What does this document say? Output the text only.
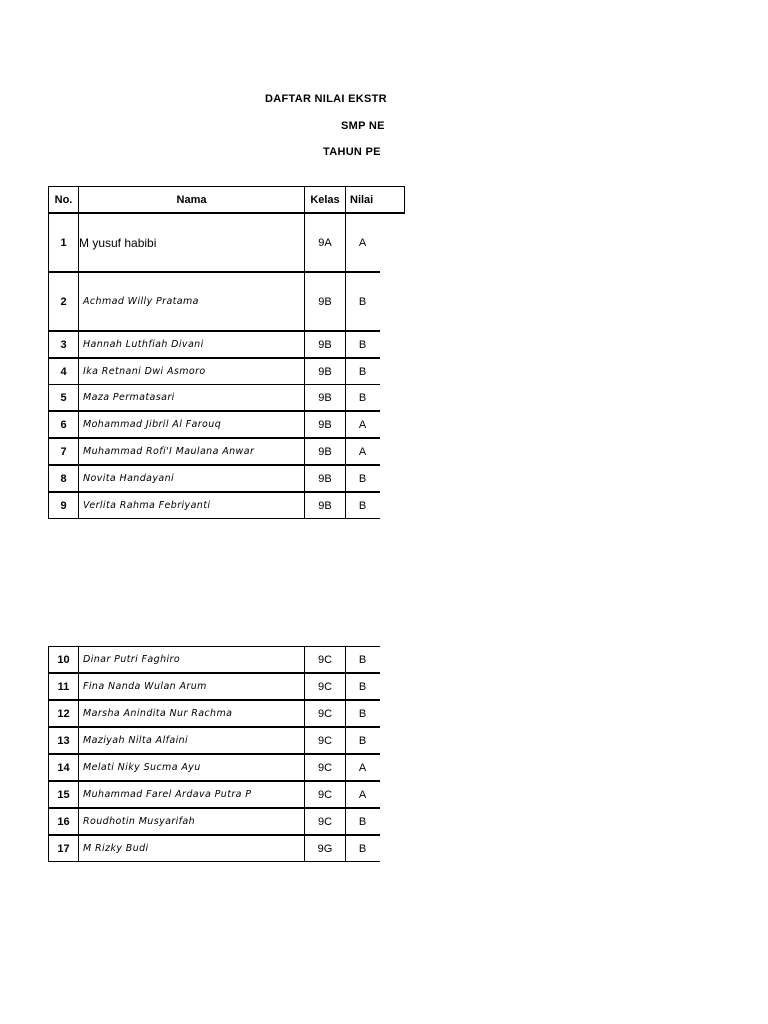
DAFTAR NILAI EKSTR
SMP NE
TAHUN PE
No.	Nama	Kelas Nilai
1	M yusuf habibi	9A	A
2	Achmad Willy Pratama	9B	B
3	Hannah Luthfiah Divani	9B	B
4	Ika Retnani Dwi Asmoro	9B	B
5	Maza Permatasari	9B	B
6	Mohammad Jibril Al Farouq	9B	A
7	Muhammad Rofi'I Maulana Anwar	9B	A
8	Novita Handayani	9B	B
9	Verlita Rahma Febriyanti	9B	B
10	Dinar Putri Faghiro	9C	B
11	Fina Nanda Wulan Arum	9C	B
12	Marsha Anindita Nur Rachma	9C	B
13	Maziyah Nilta Alfaini	9C	B
14	Melati Niky Sucma Ayu	9C	A
15	Muhammad Farel Ardava Putra P	9C	A
16	Roudhotin Musyarifah	9C	B
17	M Rizky Budi	9G	B
